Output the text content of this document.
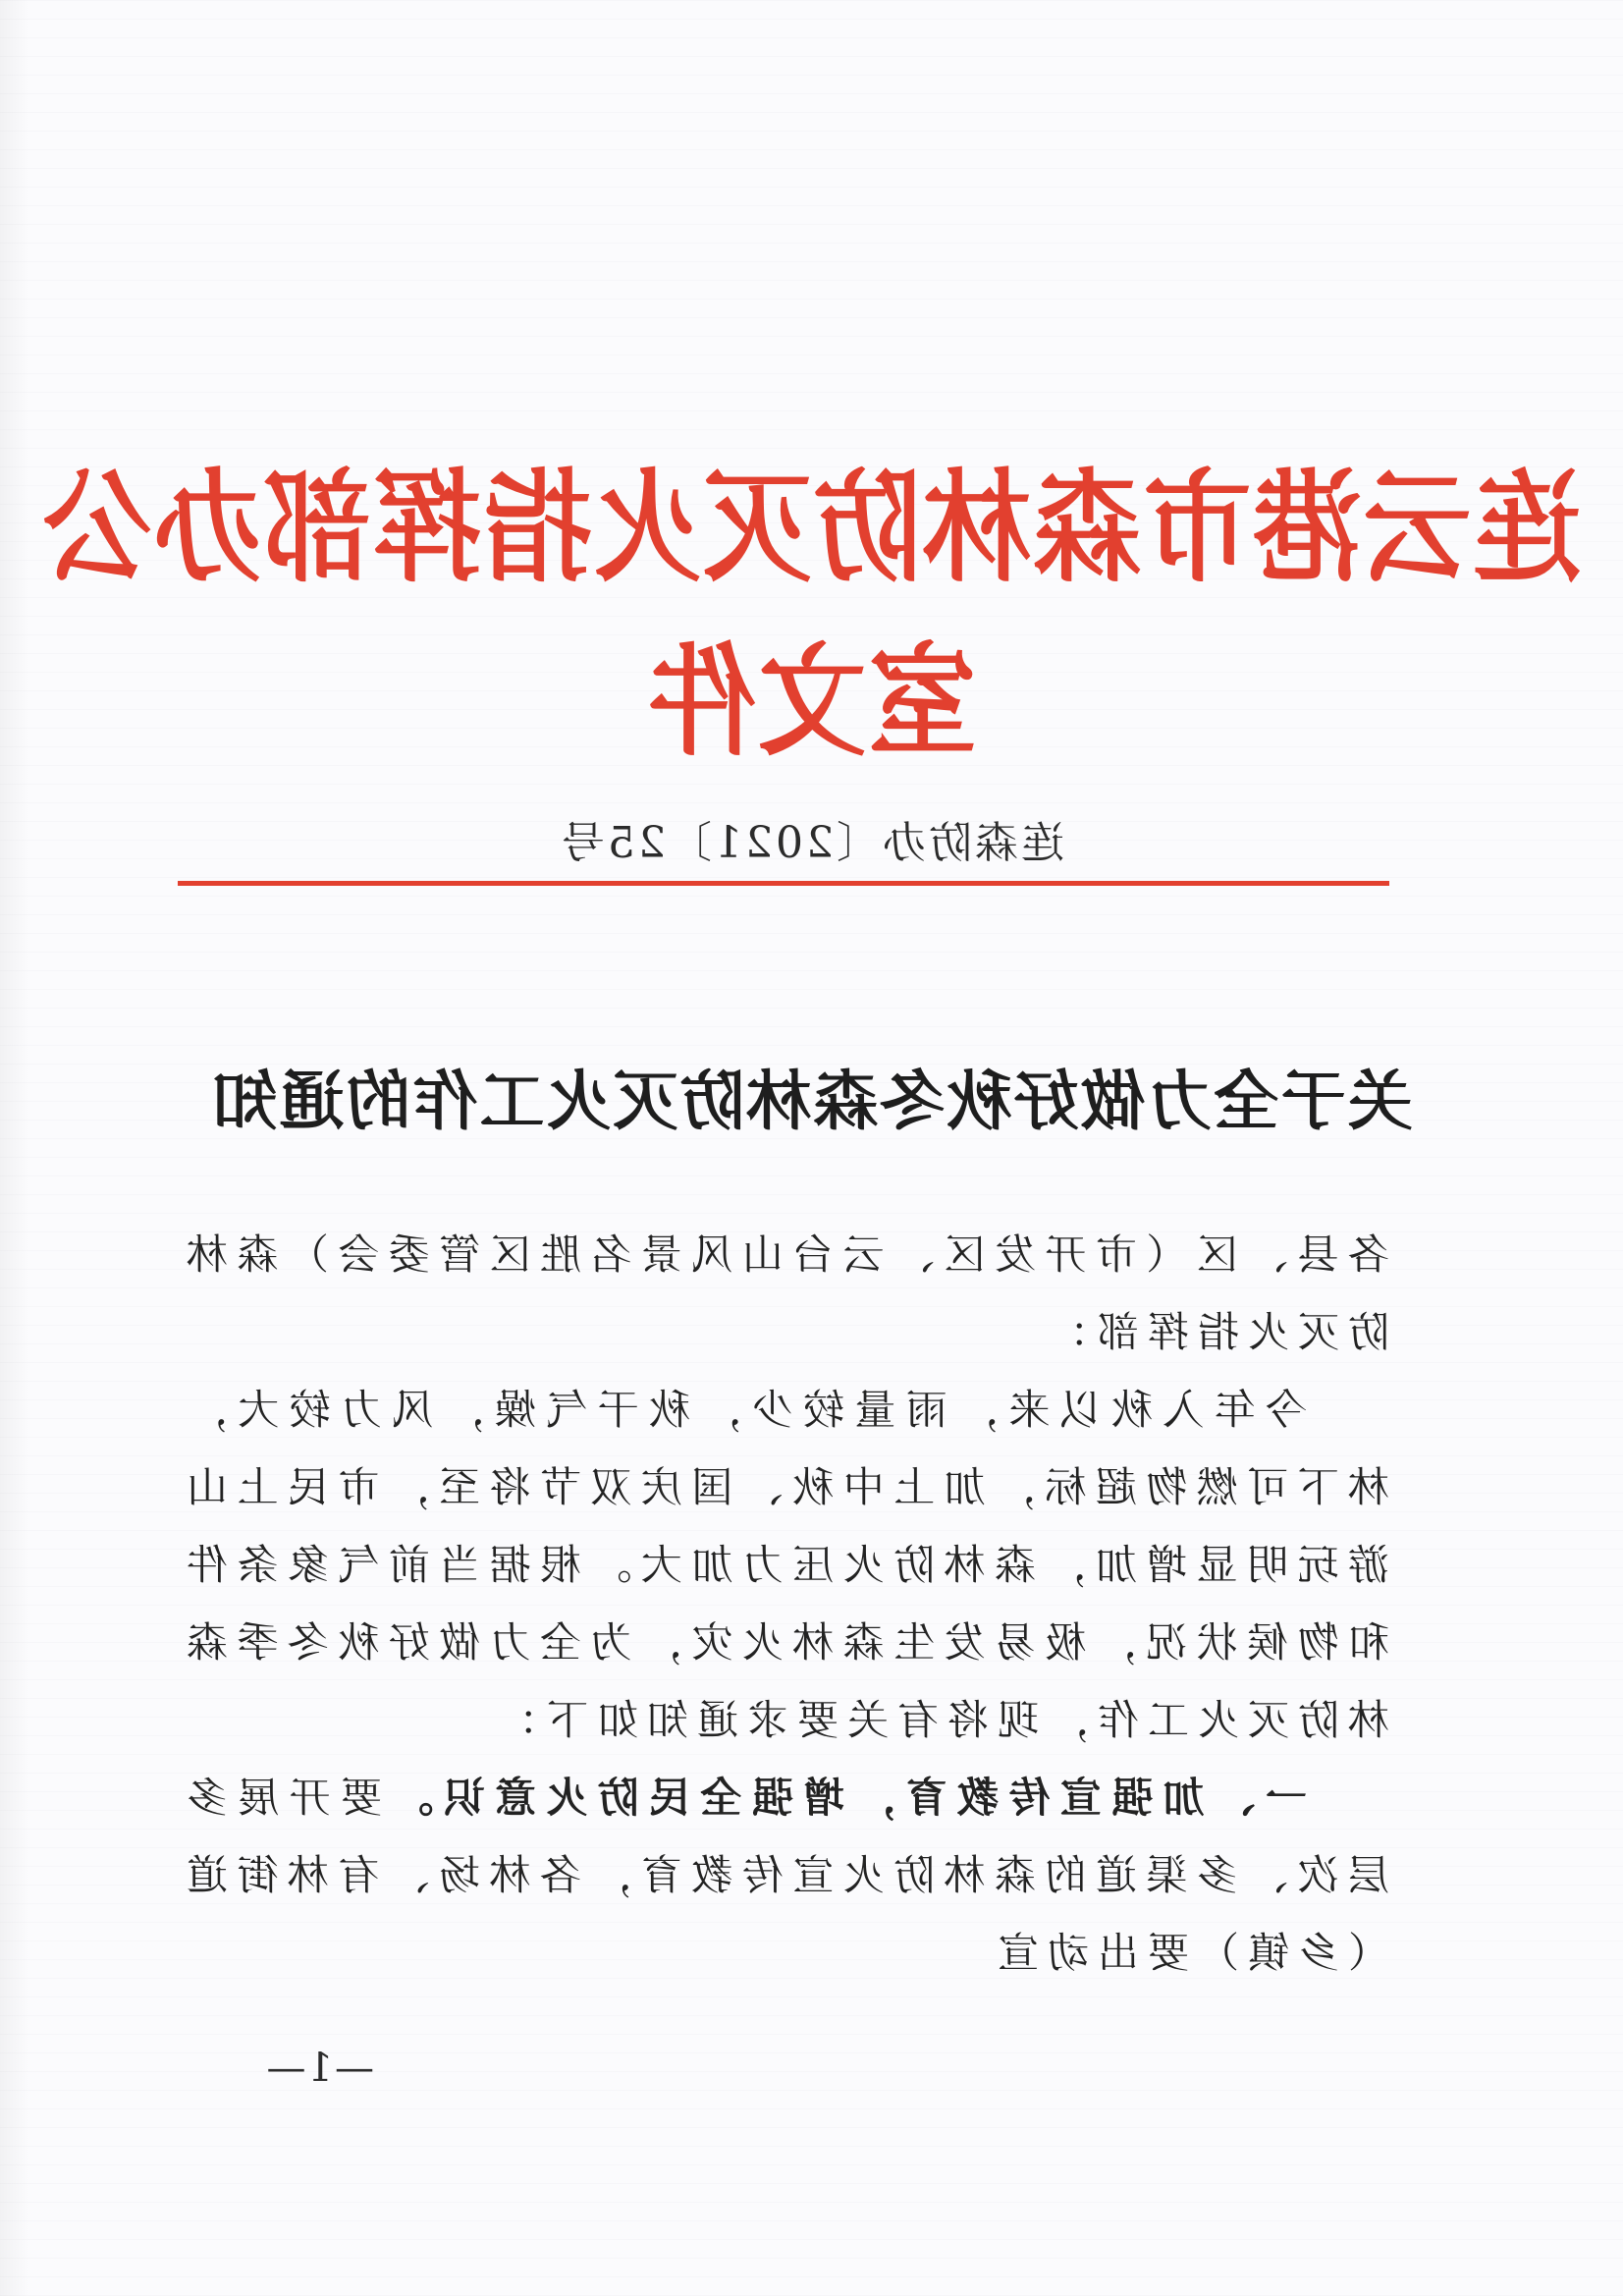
连云港市森林防灭火指挥部办公室文件
连森防办〔2021〕25号
关于全力做好秋冬森林防灭火工作的通知

各县、区（市开发区、云台山风景名胜区管委会）森林防灭火指挥部：

今年入秋以来，雨量较少，秋干气燥，风力较大，林下可燃物超标，加上中秋、国庆双节将至，市民上山游玩明显增加，森林防火压力加大。根据当前气象条件和物候状况，极易发生森林火灾，为全力做好秋冬季森林防灭火工作，现将有关要求通知如下：

一、加强宣传教育，增强全民防火意识。要开展多层次、多渠道的森林防火宣传教育，各林场、有林街道（乡镇）要出动宣

—1—
